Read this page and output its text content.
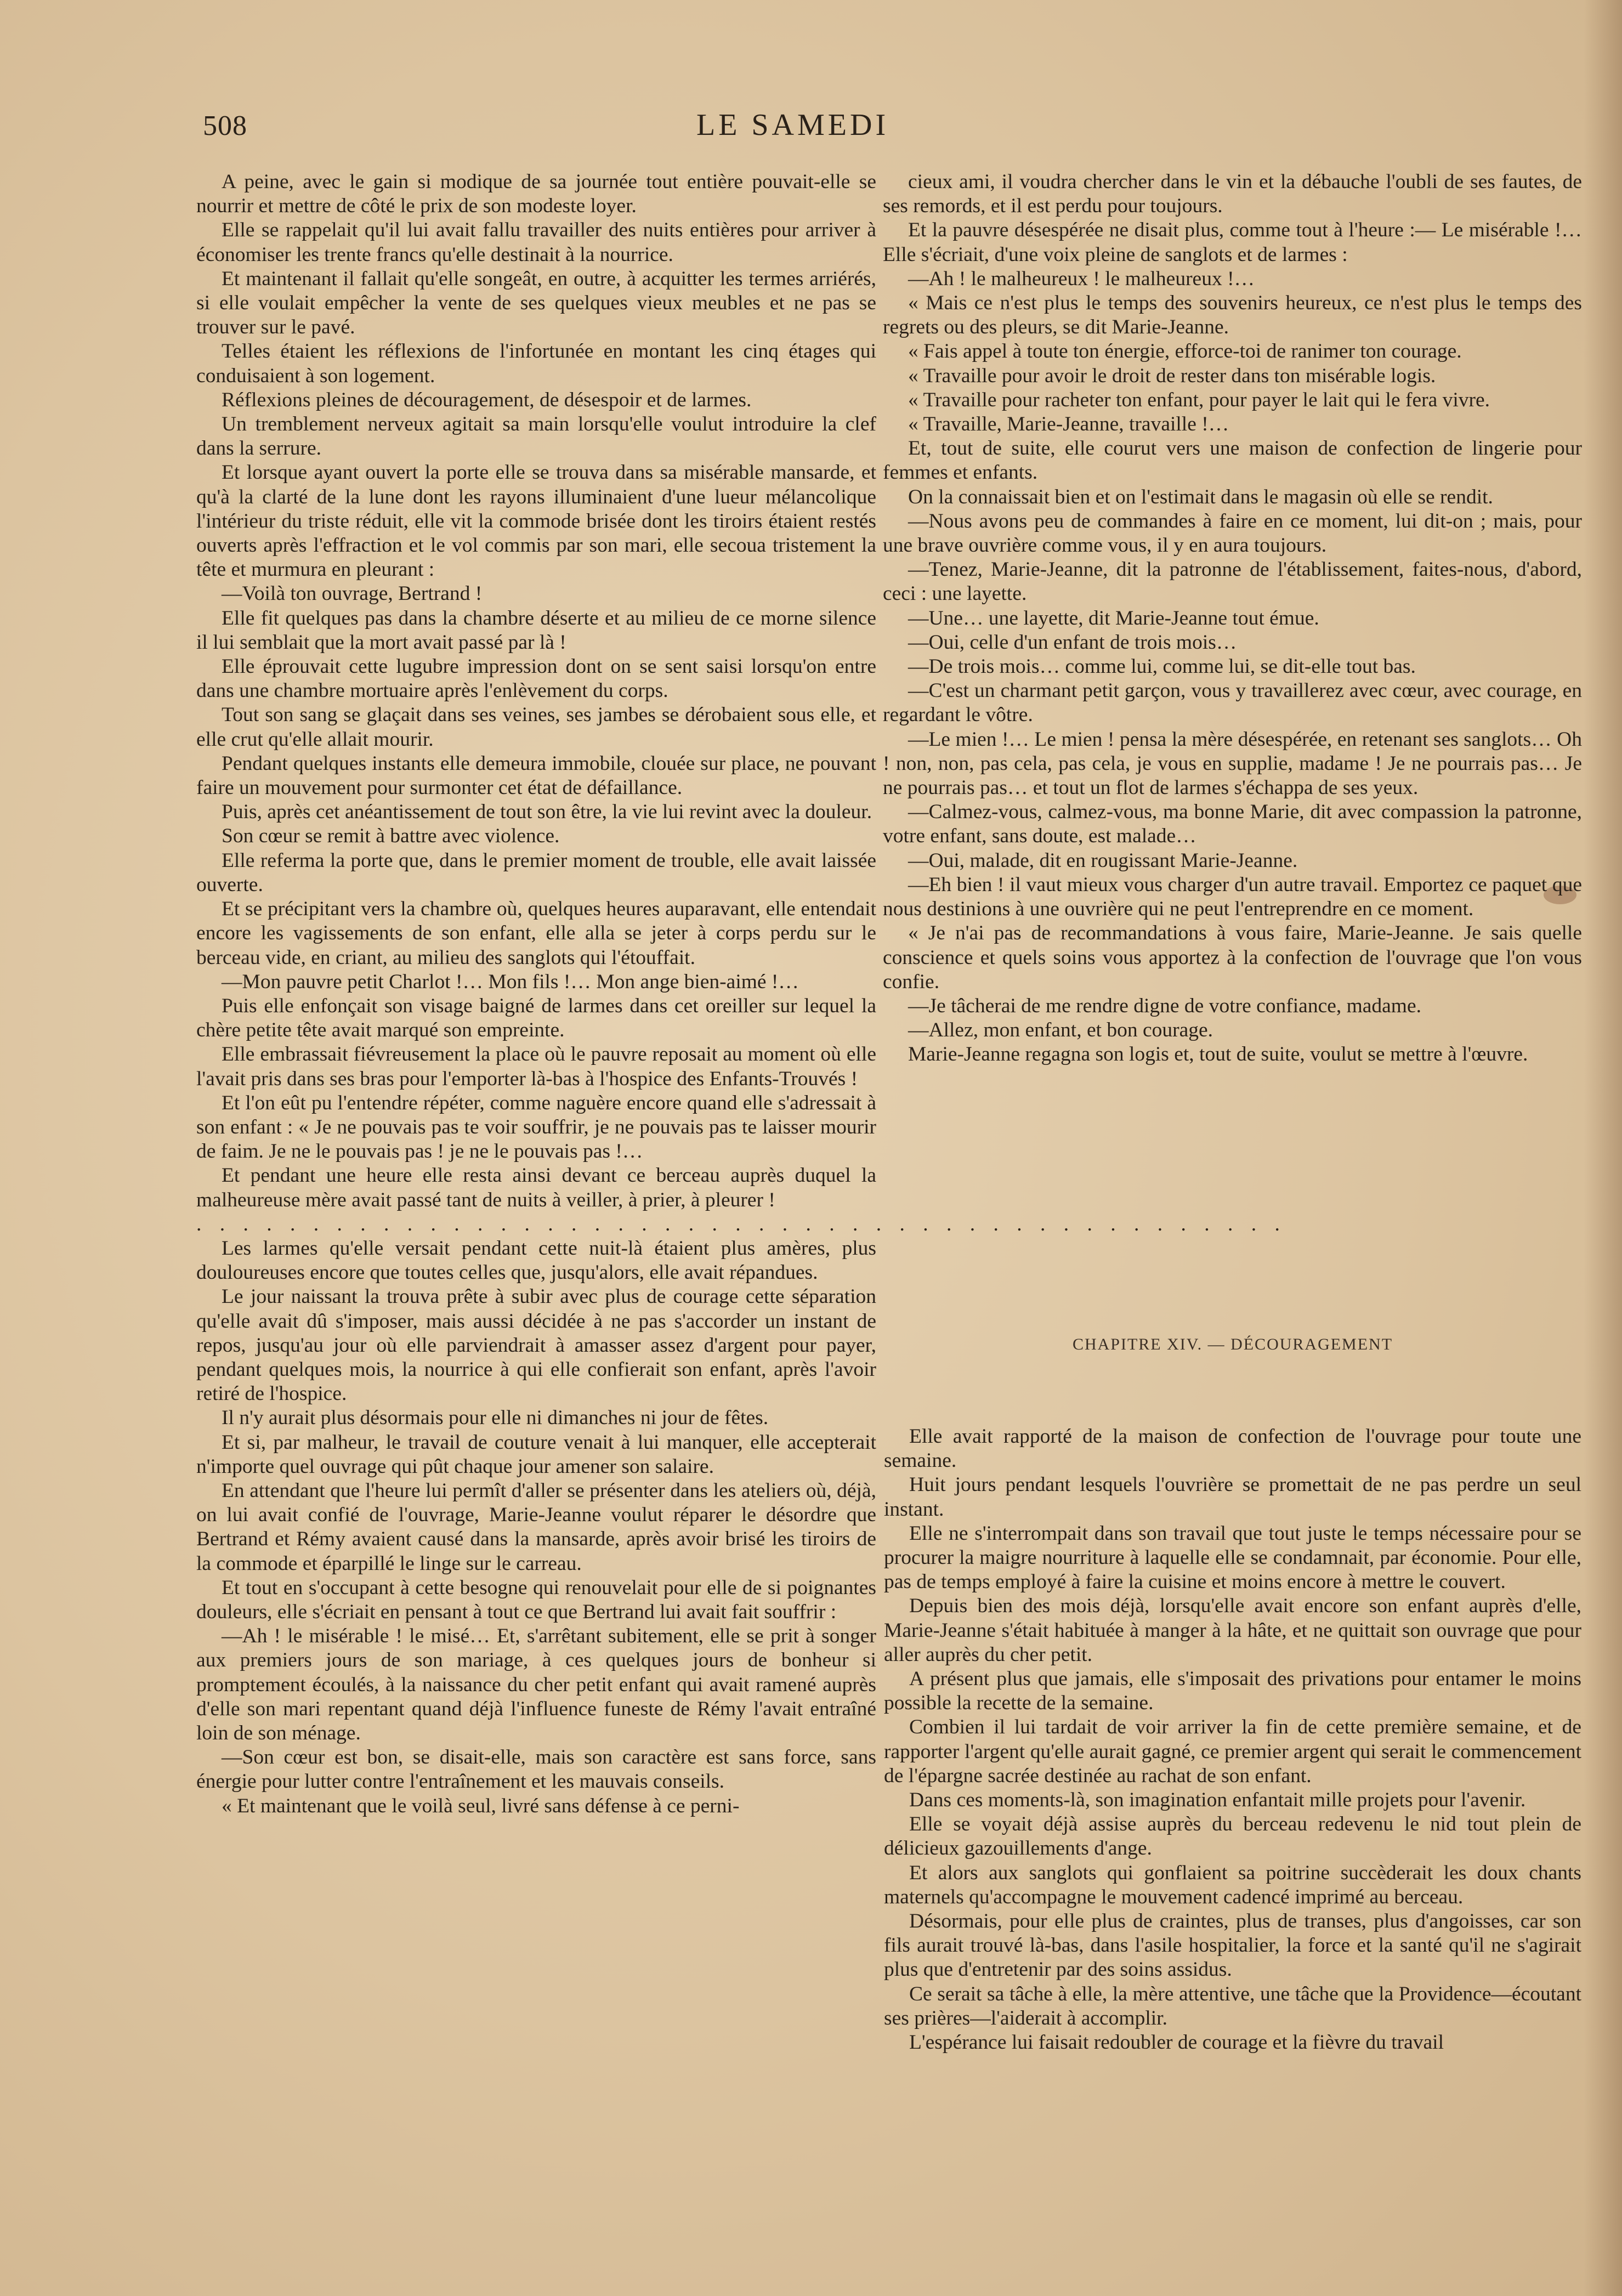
508	LE SAMEDI

A peine, avec le gain si modique de sa journée tout entière pouvait-elle se nourrir et mettre de côté le prix de son modeste loyer.

Elle se rappelait qu'il lui avait fallu travailler des nuits entières pour arriver à économiser les trente francs qu'elle destinait à la nourrice.

Et maintenant il fallait qu'elle songeât, en outre, à acquitter les termes arriérés, si elle voulait empêcher la vente de ses quelques vieux meubles et ne pas se trouver sur le pavé.

Telles étaient les réflexions de l'infortunée en montant les cinq étages qui conduisaient à son logement.

Réflexions pleines de découragement, de désespoir et de larmes.

Un tremblement nerveux agitait sa main lorsqu'elle voulut introduire la clef dans la serrure.

Et lorsque ayant ouvert la porte elle se trouva dans sa misérable mansarde, et qu'à la clarté de la lune dont les rayons illuminaient d'une lueur mélancolique l'intérieur du triste réduit, elle vit la commode brisée dont les tiroirs étaient restés ouverts après l'effraction et le vol commis par son mari, elle secoua tristement la tête et murmura en pleurant :

—Voilà ton ouvrage, Bertrand !

Elle fit quelques pas dans la chambre déserte et au milieu de ce morne silence il lui semblait que la mort avait passé par là !

Elle éprouvait cette lugubre impression dont on se sent saisi lorsqu'on entre dans une chambre mortuaire après l'enlèvement du corps.

Tout son sang se glaçait dans ses veines, ses jambes se dérobaient sous elle, et elle crut qu'elle allait mourir.

Pendant quelques instants elle demeura immobile, clouée sur place, ne pouvant faire un mouvement pour surmonter cet état de défaillance.

Puis, après cet anéantissement de tout son être, la vie lui revint avec la douleur.

Son cœur se remit à battre avec violence.

Elle referma la porte que, dans le premier moment de trouble, elle avait laissée ouverte.

Et se précipitant vers la chambre où, quelques heures auparavant, elle entendait encore les vagissements de son enfant, elle alla se jeter à corps perdu sur le berceau vide, en criant, au milieu des sanglots qui l'étouffait.

—Mon pauvre petit Charlot !… Mon fils !… Mon ange bien-aimé !…

Puis elle enfonçait son visage baigné de larmes dans cet oreiller sur lequel la chère petite tête avait marqué son empreinte.

Elle embrassait fiévreusement la place où le pauvre reposait au moment où elle l'avait pris dans ses bras pour l'emporter là-bas à l'hospice des Enfants-Trouvés !

Et l'on eût pu l'entendre répéter, comme naguère encore quand elle s'adressait à son enfant : « Je ne pouvais pas te voir souffrir, je ne pouvais pas te laisser mourir de faim. Je ne le pouvais pas ! je ne le pouvais pas !…

Et pendant une heure elle resta ainsi devant ce berceau auprès duquel la malheureuse mère avait passé tant de nuits à veiller, à prier, à pleurer !

. . . . . . . . . . . . . . . . . . . . . . . . . . . . . . . . . . . . . . . . . . . . . . .

Les larmes qu'elle versait pendant cette nuit-là étaient plus amères, plus douloureuses encore que toutes celles que, jusqu'alors, elle avait répandues.

Le jour naissant la trouva prête à subir avec plus de courage cette séparation qu'elle avait dû s'imposer, mais aussi décidée à ne pas s'accorder un instant de repos, jusqu'au jour où elle parviendrait à amasser assez d'argent pour payer, pendant quelques mois, la nourrice à qui elle confierait son enfant, après l'avoir retiré de l'hospice.

Il n'y aurait plus désormais pour elle ni dimanches ni jour de fêtes.

Et si, par malheur, le travail de couture venait à lui manquer, elle accepterait n'importe quel ouvrage qui pût chaque jour amener son salaire.

En attendant que l'heure lui permît d'aller se présenter dans les ateliers où, déjà, on lui avait confié de l'ouvrage, Marie-Jeanne voulut réparer le désordre que Bertrand et Rémy avaient causé dans la mansarde, après avoir brisé les tiroirs de la commode et éparpillé le linge sur le carreau.

Et tout en s'occupant à cette besogne qui renouvelait pour elle de si poignantes douleurs, elle s'écriait en pensant à tout ce que Bertrand lui avait fait souffrir :

—Ah ! le misérable ! le misé… Et, s'arrêtant subitement, elle se prit à songer aux premiers jours de son mariage, à ces quelques jours de bonheur si promptement écoulés, à la naissance du cher petit enfant qui avait ramené auprès d'elle son mari repentant quand déjà l'influence funeste de Rémy l'avait entraîné loin de son ménage.

—Son cœur est bon, se disait-elle, mais son caractère est sans force, sans énergie pour lutter contre l'entraînement et les mauvais conseils.

« Et maintenant que le voilà seul, livré sans défense à ce perni-

cieux ami, il voudra chercher dans le vin et la débauche l'oubli de ses fautes, de ses remords, et il est perdu pour toujours.

Et la pauvre désespérée ne disait plus, comme tout à l'heure :— Le misérable !… Elle s'écriait, d'une voix pleine de sanglots et de larmes :

—Ah ! le malheureux ! le malheureux !…

« Mais ce n'est plus le temps des souvenirs heureux, ce n'est plus le temps des regrets ou des pleurs, se dit Marie-Jeanne.

« Fais appel à toute ton énergie, efforce-toi de ranimer ton courage.

« Travaille pour avoir le droit de rester dans ton misérable logis.

« Travaille pour racheter ton enfant, pour payer le lait qui le fera vivre.

« Travaille, Marie-Jeanne, travaille !…

Et, tout de suite, elle courut vers une maison de confection de lingerie pour femmes et enfants.

On la connaissait bien et on l'estimait dans le magasin où elle se rendit.

—Nous avons peu de commandes à faire en ce moment, lui dit-on ; mais, pour une brave ouvrière comme vous, il y en aura toujours.

—Tenez, Marie-Jeanne, dit la patronne de l'établissement, faites-nous, d'abord, ceci : une layette.

—Une… une layette, dit Marie-Jeanne tout émue.

—Oui, celle d'un enfant de trois mois…

—De trois mois… comme lui, comme lui, se dit-elle tout bas.

—C'est un charmant petit garçon, vous y travaillerez avec cœur, avec courage, en regardant le vôtre.

—Le mien !… Le mien ! pensa la mère désespérée, en retenant ses sanglots… Oh ! non, non, pas cela, pas cela, je vous en supplie, madame ! Je ne pourrais pas… Je ne pourrais pas… et tout un flot de larmes s'échappa de ses yeux.

—Calmez-vous, calmez-vous, ma bonne Marie, dit avec compassion la patronne, votre enfant, sans doute, est malade…

—Oui, malade, dit en rougissant Marie-Jeanne.

—Eh bien ! il vaut mieux vous charger d'un autre travail. Emportez ce paquet que nous destinions à une ouvrière qui ne peut l'entreprendre en ce moment.

« Je n'ai pas de recommandations à vous faire, Marie-Jeanne. Je sais quelle conscience et quels soins vous apportez à la confection de l'ouvrage que l'on vous confie.

—Je tâcherai de me rendre digne de votre confiance, madame.

—Allez, mon enfant, et bon courage.

Marie-Jeanne regagna son logis et, tout de suite, voulut se mettre à l'œuvre.

CHAPITRE XIV. — DÉCOURAGEMENT

Elle avait rapporté de la maison de confection de l'ouvrage pour toute une semaine.

Huit jours pendant lesquels l'ouvrière se promettait de ne pas perdre un seul instant.

Elle ne s'interrompait dans son travail que tout juste le temps nécessaire pour se procurer la maigre nourriture à laquelle elle se condamnait, par économie. Pour elle, pas de temps employé à faire la cuisine et moins encore à mettre le couvert.

Depuis bien des mois déjà, lorsqu'elle avait encore son enfant auprès d'elle, Marie-Jeanne s'était habituée à manger à la hâte, et ne quittait son ouvrage que pour aller auprès du cher petit.

A présent plus que jamais, elle s'imposait des privations pour entamer le moins possible la recette de la semaine.

Combien il lui tardait de voir arriver la fin de cette première semaine, et de rapporter l'argent qu'elle aurait gagné, ce premier argent qui serait le commencement de l'épargne sacrée destinée au rachat de son enfant.

Dans ces moments-là, son imagination enfantait mille projets pour l'avenir.

Elle se voyait déjà assise auprès du berceau redevenu le nid tout plein de délicieux gazouillements d'ange.

Et alors aux sanglots qui gonflaient sa poitrine succèderait les doux chants maternels qu'accompagne le mouvement cadencé imprimé au berceau.

Désormais, pour elle plus de craintes, plus de transes, plus d'angoisses, car son fils aurait trouvé là-bas, dans l'asile hospitalier, la force et la santé qu'il ne s'agirait plus que d'entretenir par des soins assidus.

Ce serait sa tâche à elle, la mère attentive, une tâche que la Providence—écoutant ses prières—l'aiderait à accomplir.

L'espérance lui faisait redoubler de courage et la fièvre du travail
